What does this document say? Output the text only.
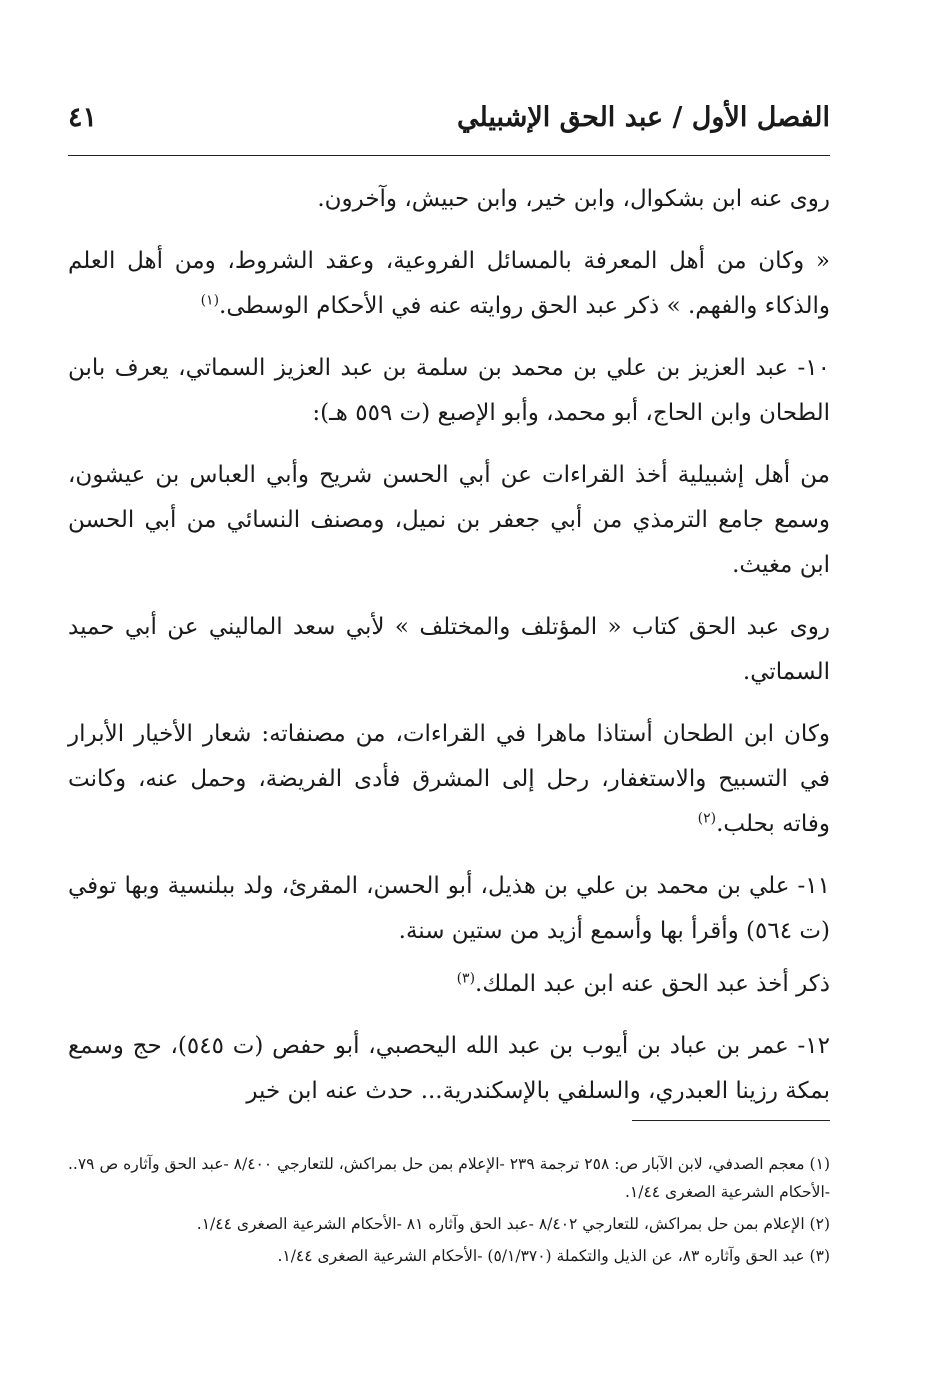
الفصل الأول / عبد الحق الإشبيلي
٤١

روى عنه ابن بشكوال، وابن خير، وابن حبيش، وآخرون.

« وكان من أهل المعرفة بالمسائل الفروعية، وعقد الشروط، ومن أهل العلم والذكاء والفهم. » ذكر عبد الحق روايته عنه في الأحكام الوسطى.$^{(١)}$

١٠- عبد العزيز بن علي بن محمد بن سلمة بن عبد العزيز السماتي، يعرف بابن الطحان وابن الحاج، أبو محمد، وأبو الإصبع (ت ٥٥٩ هـ):

من أهل إشبيلية أخذ القراءات عن أبي الحسن شريح وأبي العباس بن عيشون، وسمع جامع الترمذي من أبي جعفر بن نميل، ومصنف النسائي من أبي الحسن ابن مغيث.

روى عبد الحق كتاب « المؤتلف والمختلف » لأبي سعد الماليني عن أبي حميد السماتي.

وكان ابن الطحان أستاذا ماهرا في القراءات، من مصنفاته: شعار الأخيار الأبرار في التسبيح والاستغفار، رحل إلى المشرق فأدى الفريضة، وحمل عنه، وكانت وفاته بحلب.$^{(٢)}$

١١- علي بن محمد بن علي بن هذيل، أبو الحسن، المقرئ، ولد ببلنسية وبها توفي (ت ٥٦٤) وأقرأ بها وأسمع أزيد من ستين سنة.

ذكر أخذ عبد الحق عنه ابن عبد الملك.$^{(٣)}$

١٢- عمر بن عباد بن أيوب بن عبد الله اليحصبي، أبو حفص (ت ٥٤٥)، حج وسمع بمكة رزينا العبدري، والسلفي بالإسكندرية... حدث عنه ابن خير

(١) معجم الصدفي، لابن الآبار ص: ٢٥٨ ترجمة ٢٣٩ -الإعلام بمن حل بمراكش، للتعارجي ٨/٤٠٠ -عبد الحق وآثاره ص ٧٩.. -الأحكام الشرعية الصغرى ١/٤٤.

(٢) الإعلام بمن حل بمراكش، للتعارجي ٨/٤٠٢ -عبد الحق وآثاره ٨١ -الأحكام الشرعية الصغرى ١/٤٤.

(٣) عبد الحق وآثاره ٨٣، عن الذيل والتكملة (٥/١/٣٧٠) -الأحكام الشرعية الصغرى ١/٤٤.
